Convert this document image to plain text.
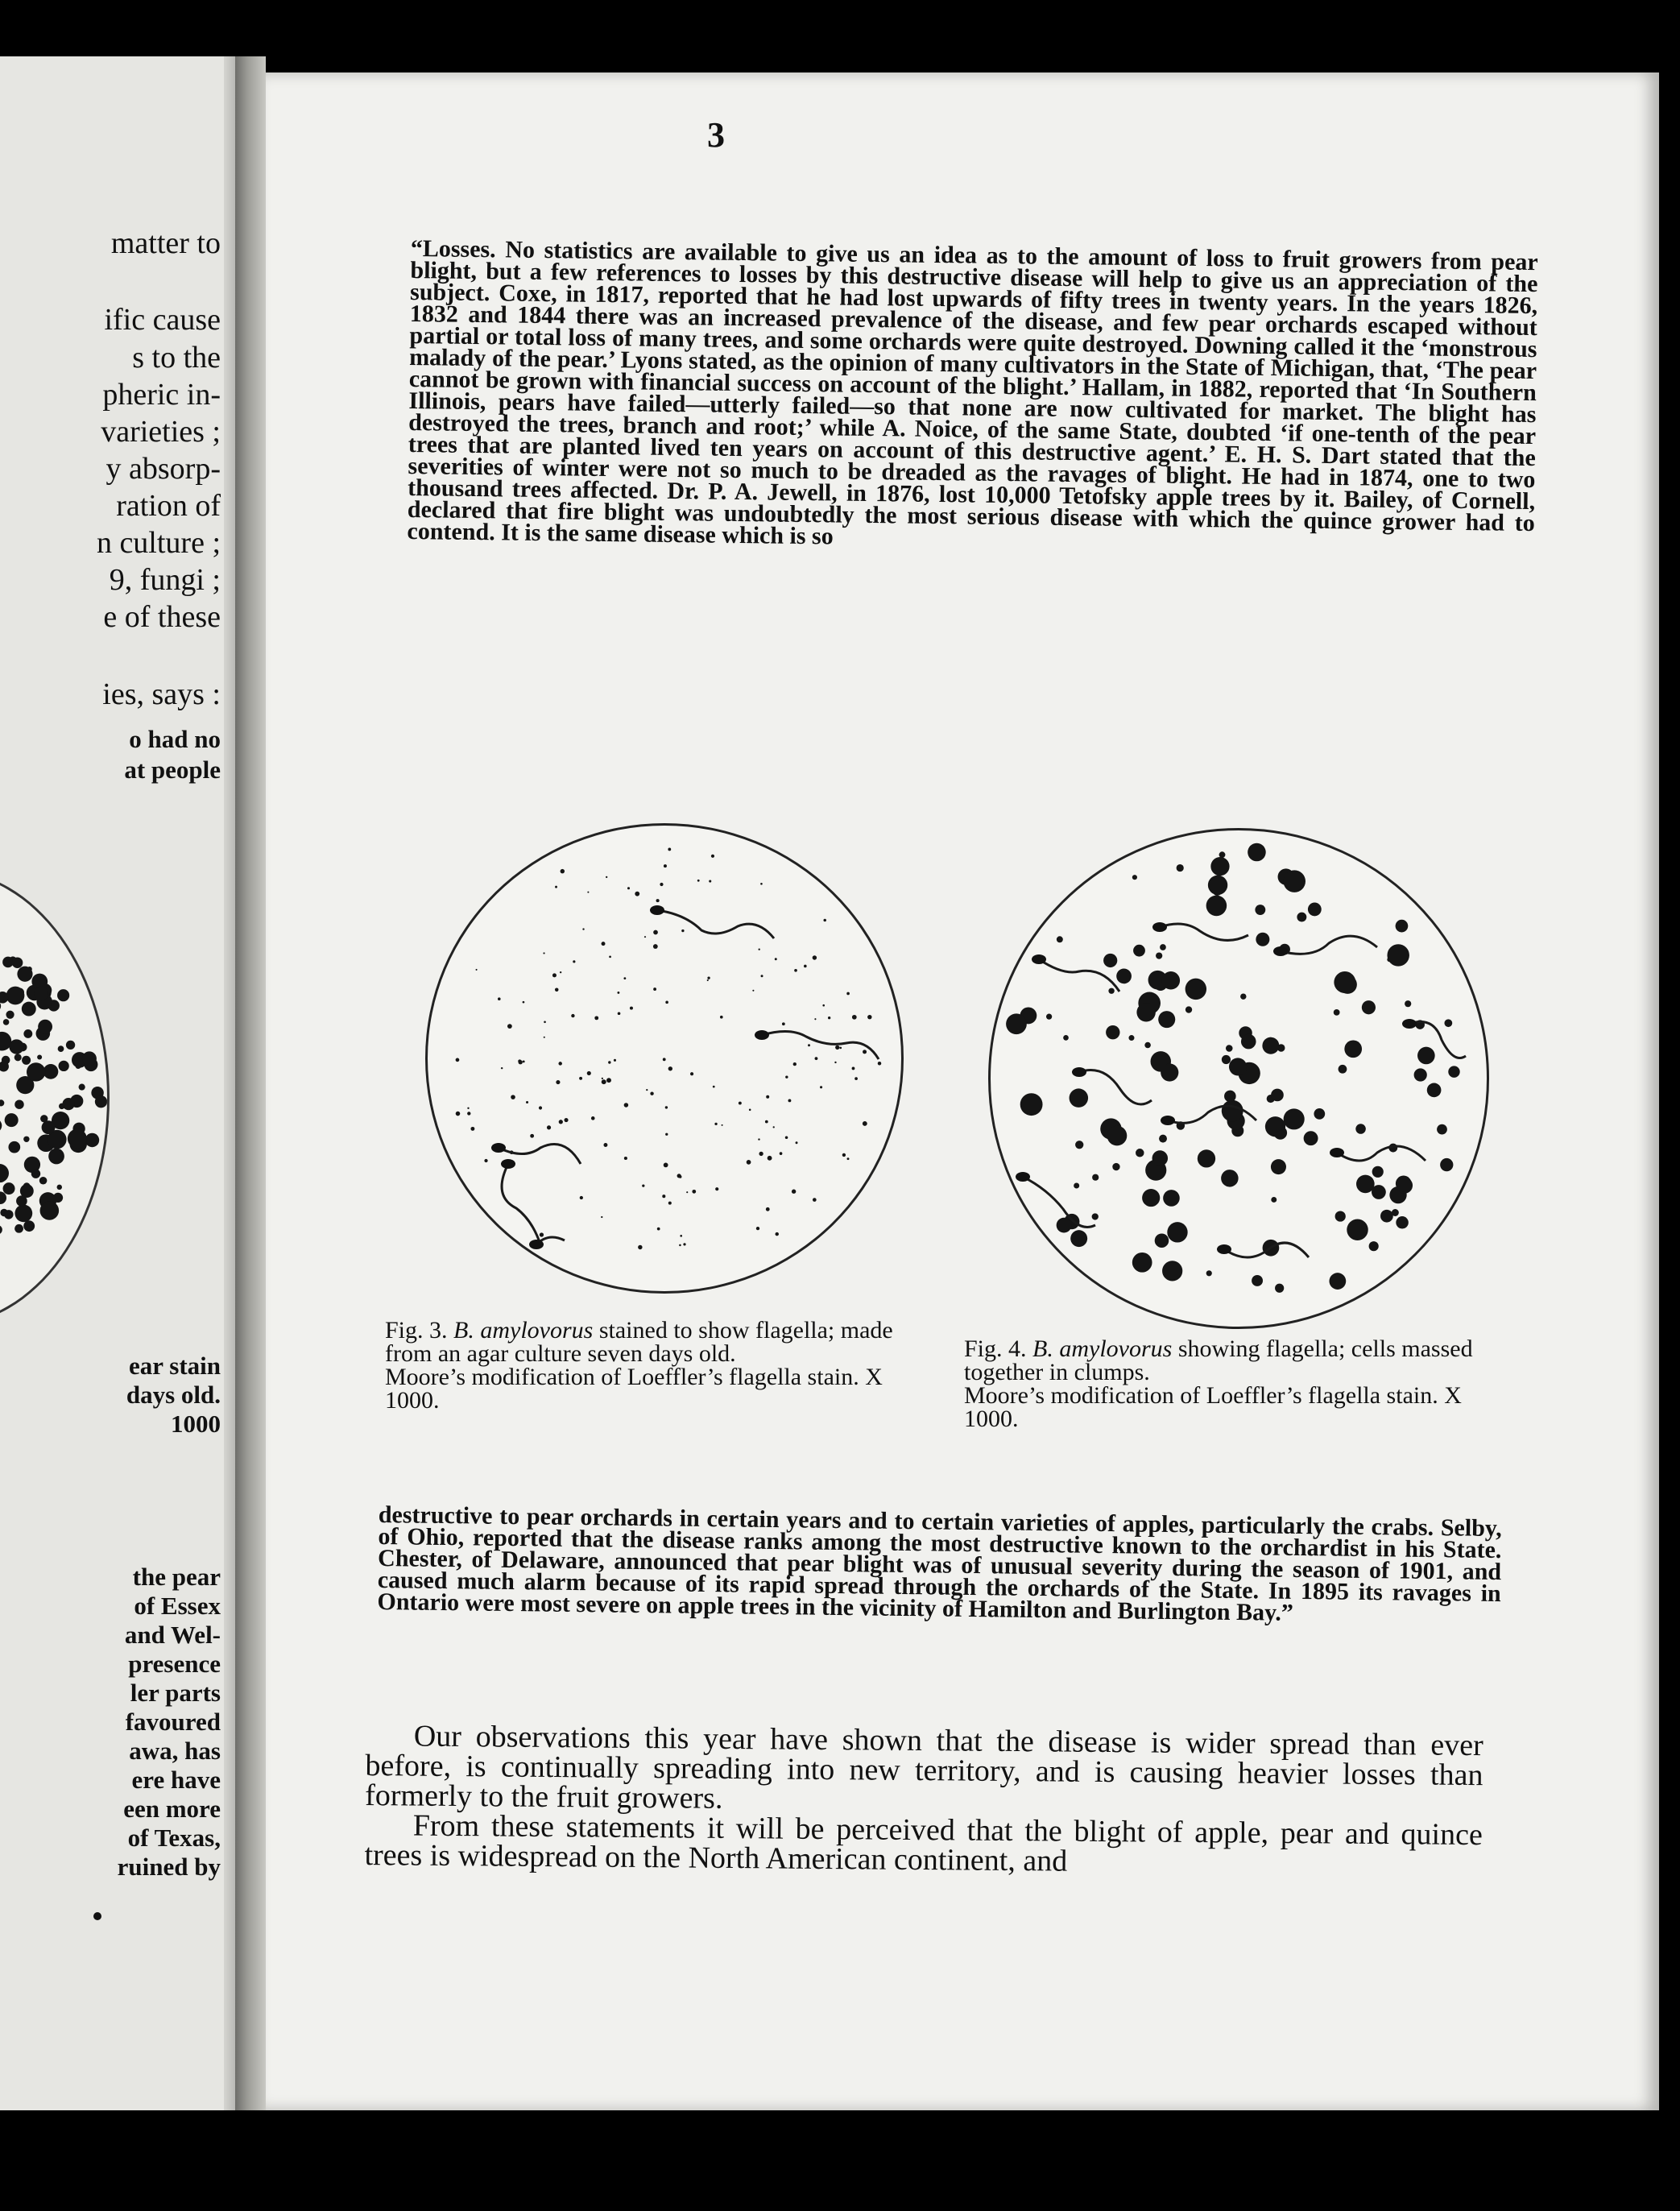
matter to
ific cause
s to the
pheric in-
varieties ;
y absorp-
ration of
n culture ;
9, fungi ;
e of these
ies, says :
o had no
at people
ear stain
days old.
1000
the pear
of Essex
and Wel-
presence
ler parts
favoured
awa, has
ere have
een more
of Texas,
ruined by
3

“Losses. No statistics are available to give us an idea as to the amount of loss to fruit growers from pear blight, but a few references to losses by this destructive disease will help to give us an appreciation of the subject. Coxe, in 1817, reported that he had lost upwards of fifty trees in twenty years. In the years 1826, 1832 and 1844 there was an increased prevalence of the disease, and few pear orchards escaped without partial or total loss of many trees, and some orchards were quite destroyed. Downing called it the ‘monstrous malady of the pear.’ Lyons stated, as the opinion of many cultivators in the State of Michigan, that, ‘The pear cannot be grown with financial success on account of the blight.’ Hallam, in 1882, reported that ‘In Southern Illinois, pears have failed—utterly failed—so that none are now cultivated for market. The blight has destroyed the trees, branch and root;’ while A. Noice, of the same State, doubted ‘if one-tenth of the pear trees that are planted lived ten years on account of this destructive agent.’ E. H. S. Dart stated that the severities of winter were not so much to be dreaded as the ravages of blight. He had in 1874, one to two thousand trees affected. Dr. P. A. Jewell, in 1876, lost 10,000 Tetofsky apple trees by it. Bailey, of Cornell, declared that fire blight was undoubtedly the most serious disease with which the quince grower had to contend. It is the same disease which is so

Fig. 3. B. amylovorus stained to show flagella; made from an agar culture seven days old.

Moore’s modification of Loeffler’s flagella stain. X 1000.

Fig. 4. B. amylovorus showing flagella; cells massed together in clumps.

Moore’s modification of Loeffler’s flagella stain. X 1000.

destructive to pear orchards in certain years and to certain varieties of apples, particularly the crabs. Selby, of Ohio, reported that the disease ranks among the most destructive known to the orchardist in his State. Chester, of Delaware, announced that pear blight was of unusual severity during the season of 1901, and caused much alarm because of its rapid spread through the orchards of the State. In 1895 its ravages in Ontario were most severe on apple trees in the vicinity of Hamilton and Burlington Bay.”

Our observations this year have shown that the disease is wider spread than ever before, is continually spreading into new territory, and is causing heavier losses than formerly to the fruit growers.

From these statements it will be perceived that the blight of apple, pear and quince trees is widespread on the North American continent, and
